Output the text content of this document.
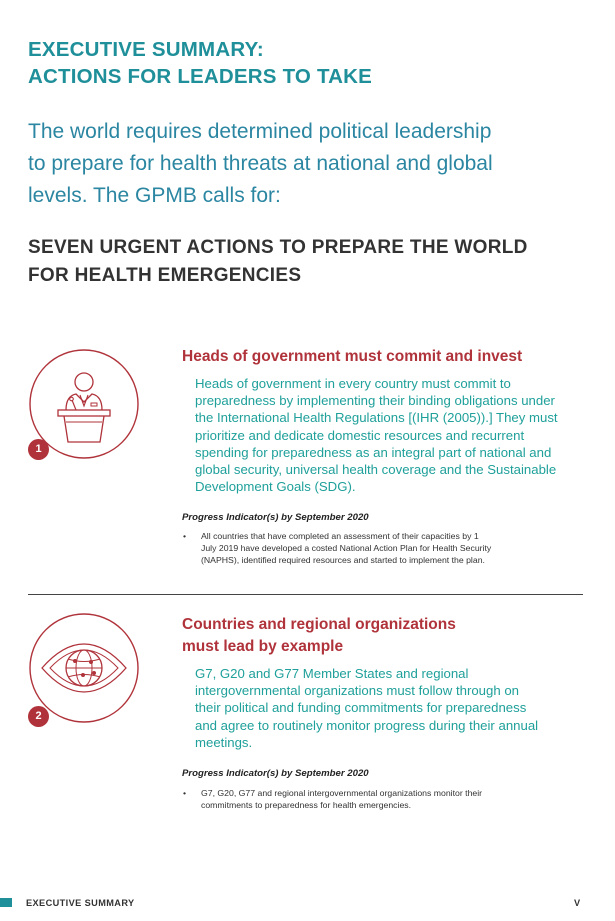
EXECUTIVE SUMMARY:
ACTIONS FOR LEADERS TO TAKE
The world requires determined political leadership
to prepare for health threats at national and global
levels. The GPMB calls for:
SEVEN URGENT ACTIONS TO PREPARE THE WORLD
FOR HEALTH EMERGENCIES
1
Heads of government must commit and invest
Heads of government in every country must commit to
preparedness by implementing their binding obligations under
the International Health Regulations [(IHR (2005)).] They must
prioritize and dedicate domestic resources and recurrent
spending for preparedness as an integral part of national and
global security, universal health coverage and the Sustainable
Development Goals (SDG).
Progress Indicator(s) by September 2020
• All countries that have completed an assessment of their capacities by 1
July 2019 have developed a costed National Action Plan for Health Security
(NAPHS), identified required resources and started to implement the plan.
2
Countries and regional organizations
must lead by example
G7, G20 and G77 Member States and regional
intergovernmental organizations must follow through on
their political and funding commitments for preparedness
and agree to routinely monitor progress during their annual
meetings.
Progress Indicator(s) by September 2020
• G7, G20, G77 and regional intergovernmental organizations monitor their
commitments to preparedness for health emergencies.
EXECUTIVE SUMMARY	V
